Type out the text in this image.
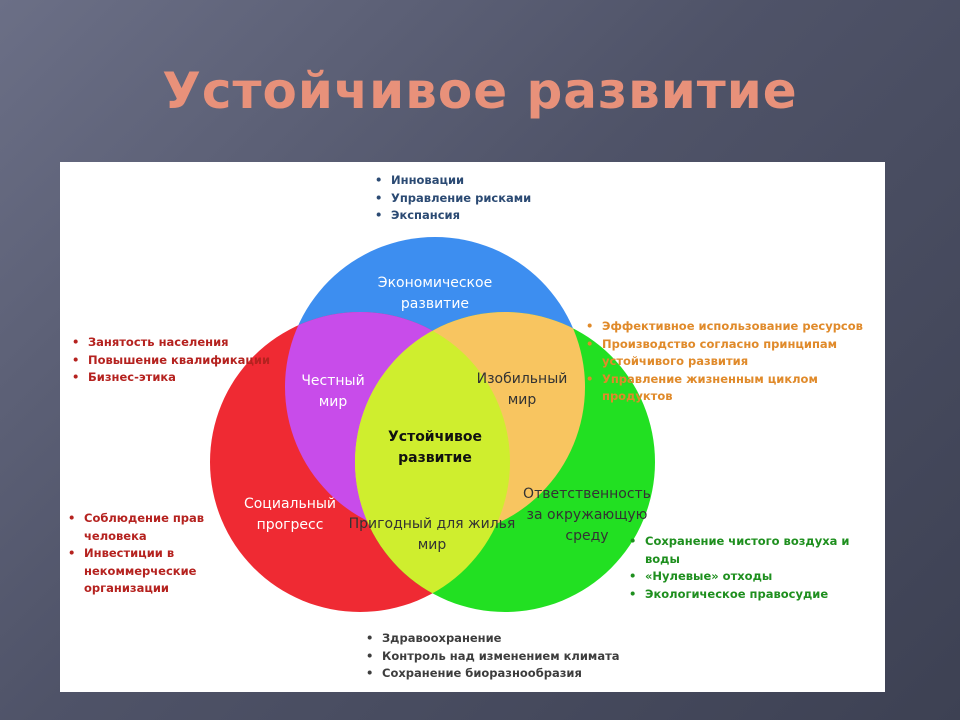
Устойчивое развитие
Экономическое развитие
Социальный прогресс
Честный мир
Изобильный мир
Пригодный для жилья мир
Ответственность за окружающую среду
Устойчивое развитие
• Инновации
• Управление рисками
• Экспансия
• Занятость населения
• Повышение квалификации
• Бизнес-этика
• Эффективное использование ресурсов
• Производство согласно принципам устойчивого развития
• Управление жизненным циклом продуктов
• Соблюдение прав человека
• Инвестиции в некоммерческие организации
• Сохранение чистого воздуха и воды
• «Нулевые» отходы
• Экологическое правосудие
• Здравоохранение
• Контроль над изменением климата
• Сохранение биоразнообразия
